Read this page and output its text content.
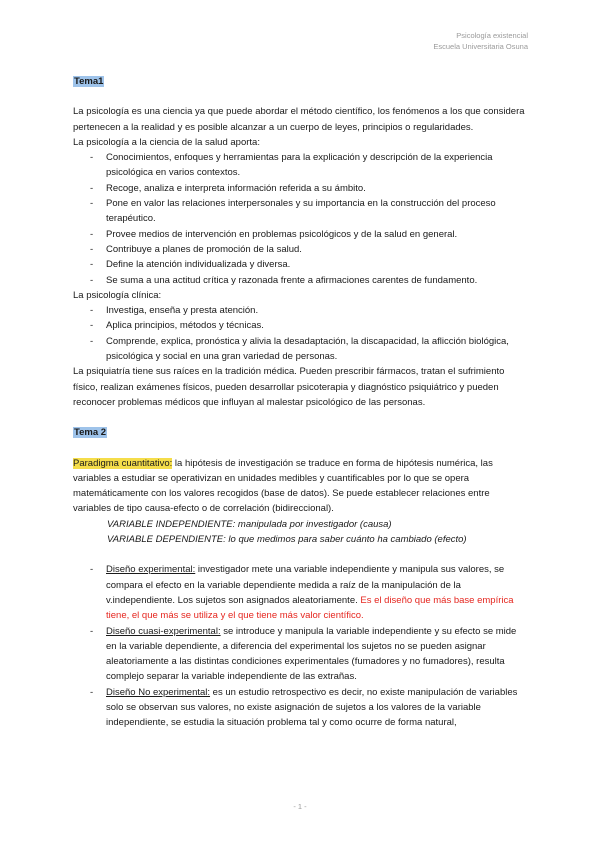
Psicología existencial
Escuela Universitaria Osuna

Tema1

La psicología es una ciencia ya que puede abordar el método científico, los fenómenos a los que considera pertenecen a la realidad y es posible alcanzar a un cuerpo de leyes, principios o regularidades.

La psicología a la ciencia de la salud aporta:

- Conocimientos, enfoques y herramientas para la explicación y descripción de la experiencia psicológica en varios contextos.
- Recoge, analiza e interpreta información referida a su ámbito.
- Pone en valor las relaciones interpersonales y su importancia en la construcción del proceso terapéutico.
- Provee medios de intervención en problemas psicológicos y de la salud en general.
- Contribuye a planes de promoción de la salud.
- Define la atención individualizada y diversa.
- Se suma a una actitud crítica y razonada frente a afirmaciones carentes de fundamento.

La psicología clínica:

- Investiga, enseña y presta atención.
- Aplica principios, métodos y técnicas.
- Comprende, explica, pronóstica y alivia la desadaptación, la discapacidad, la aflicción biológica, psicológica y social en una gran variedad de personas.

La psiquiatría tiene sus raíces en la tradición médica. Pueden prescribir fármacos, tratan el sufrimiento físico, realizan exámenes físicos, pueden desarrollar psicoterapia y diagnóstico psiquiátrico y pueden reconocer problemas médicos que influyan al malestar psicológico de las personas.

Tema 2

Paradigma cuantitativo: la hipótesis de investigación se traduce en forma de hipótesis numérica, las variables a estudiar se operativizan en unidades medibles y cuantificables por lo que se opera matemáticamente con los valores recogidos (base de datos). Se puede establecer relaciones entre variables de tipo causa-efecto o de correlación (bidireccional).

VARIABLE INDEPENDIENTE: manipulada por investigador (causa)

VARIABLE DEPENDIENTE: lo que medimos para saber cuánto ha cambiado (efecto)

- Diseño experimental: investigador mete una variable independiente y manipula sus valores, se compara el efecto en la variable dependiente medida a raíz de la manipulación de la v.independiente. Los sujetos son asignados aleatoriamente. Es el diseño que más base empírica tiene, el que más se utiliza y el que tiene más valor científico.
- Diseño cuasi-experimental: se introduce y manipula la variable independiente y su efecto se mide en la variable dependiente, a diferencia del experimental los sujetos no se pueden asignar aleatoriamente a las distintas condiciones experimentales (fumadores y no fumadores), resulta complejo separar la variable independiente de las extrañas.
- Diseño No experimental: es un estudio retrospectivo es decir, no existe manipulación de variables solo se observan sus valores, no existe asignación de sujetos a los valores de la variable independiente, se estudia la situación problema tal y como ocurre de forma natural,
- 1 -
